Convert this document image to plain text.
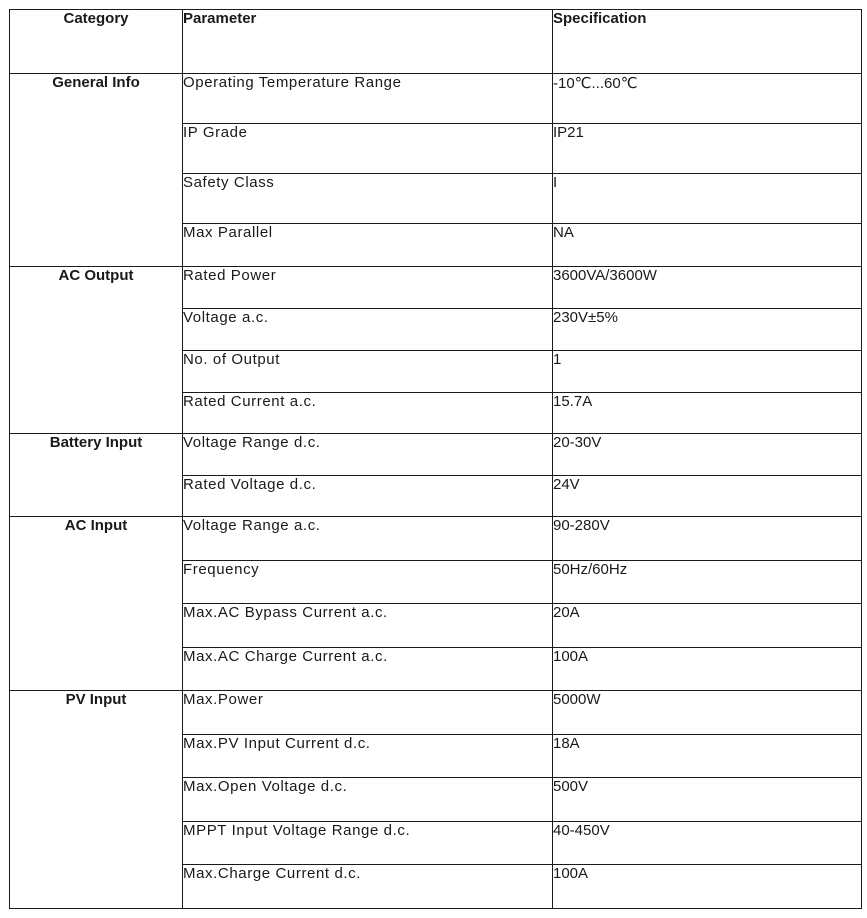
Category	Parameter	Specification
General Info	Operating Temperature Range	-10℃...60℃
	IP Grade	IP21
	Safety Class	I
	Max Parallel	NA
AC Output	Rated Power	3600VA/3600W
	Voltage a.c.	230V±5%
	No. of Output	1
	Rated Current a.c.	15.7A
Battery Input	Voltage Range d.c.	20-30V
	Rated Voltage d.c.	24V
AC Input	Voltage Range a.c.	90-280V
	Frequency	50Hz/60Hz
	Max.AC Bypass Current a.c.	20A
	Max.AC Charge Current a.c.	100A
PV Input	Max.Power	5000W
	Max.PV Input Current d.c.	18A
	Max.Open Voltage d.c.	500V
	MPPT Input Voltage Range d.c.	40-450V
	Max.Charge Current d.c.	100A
